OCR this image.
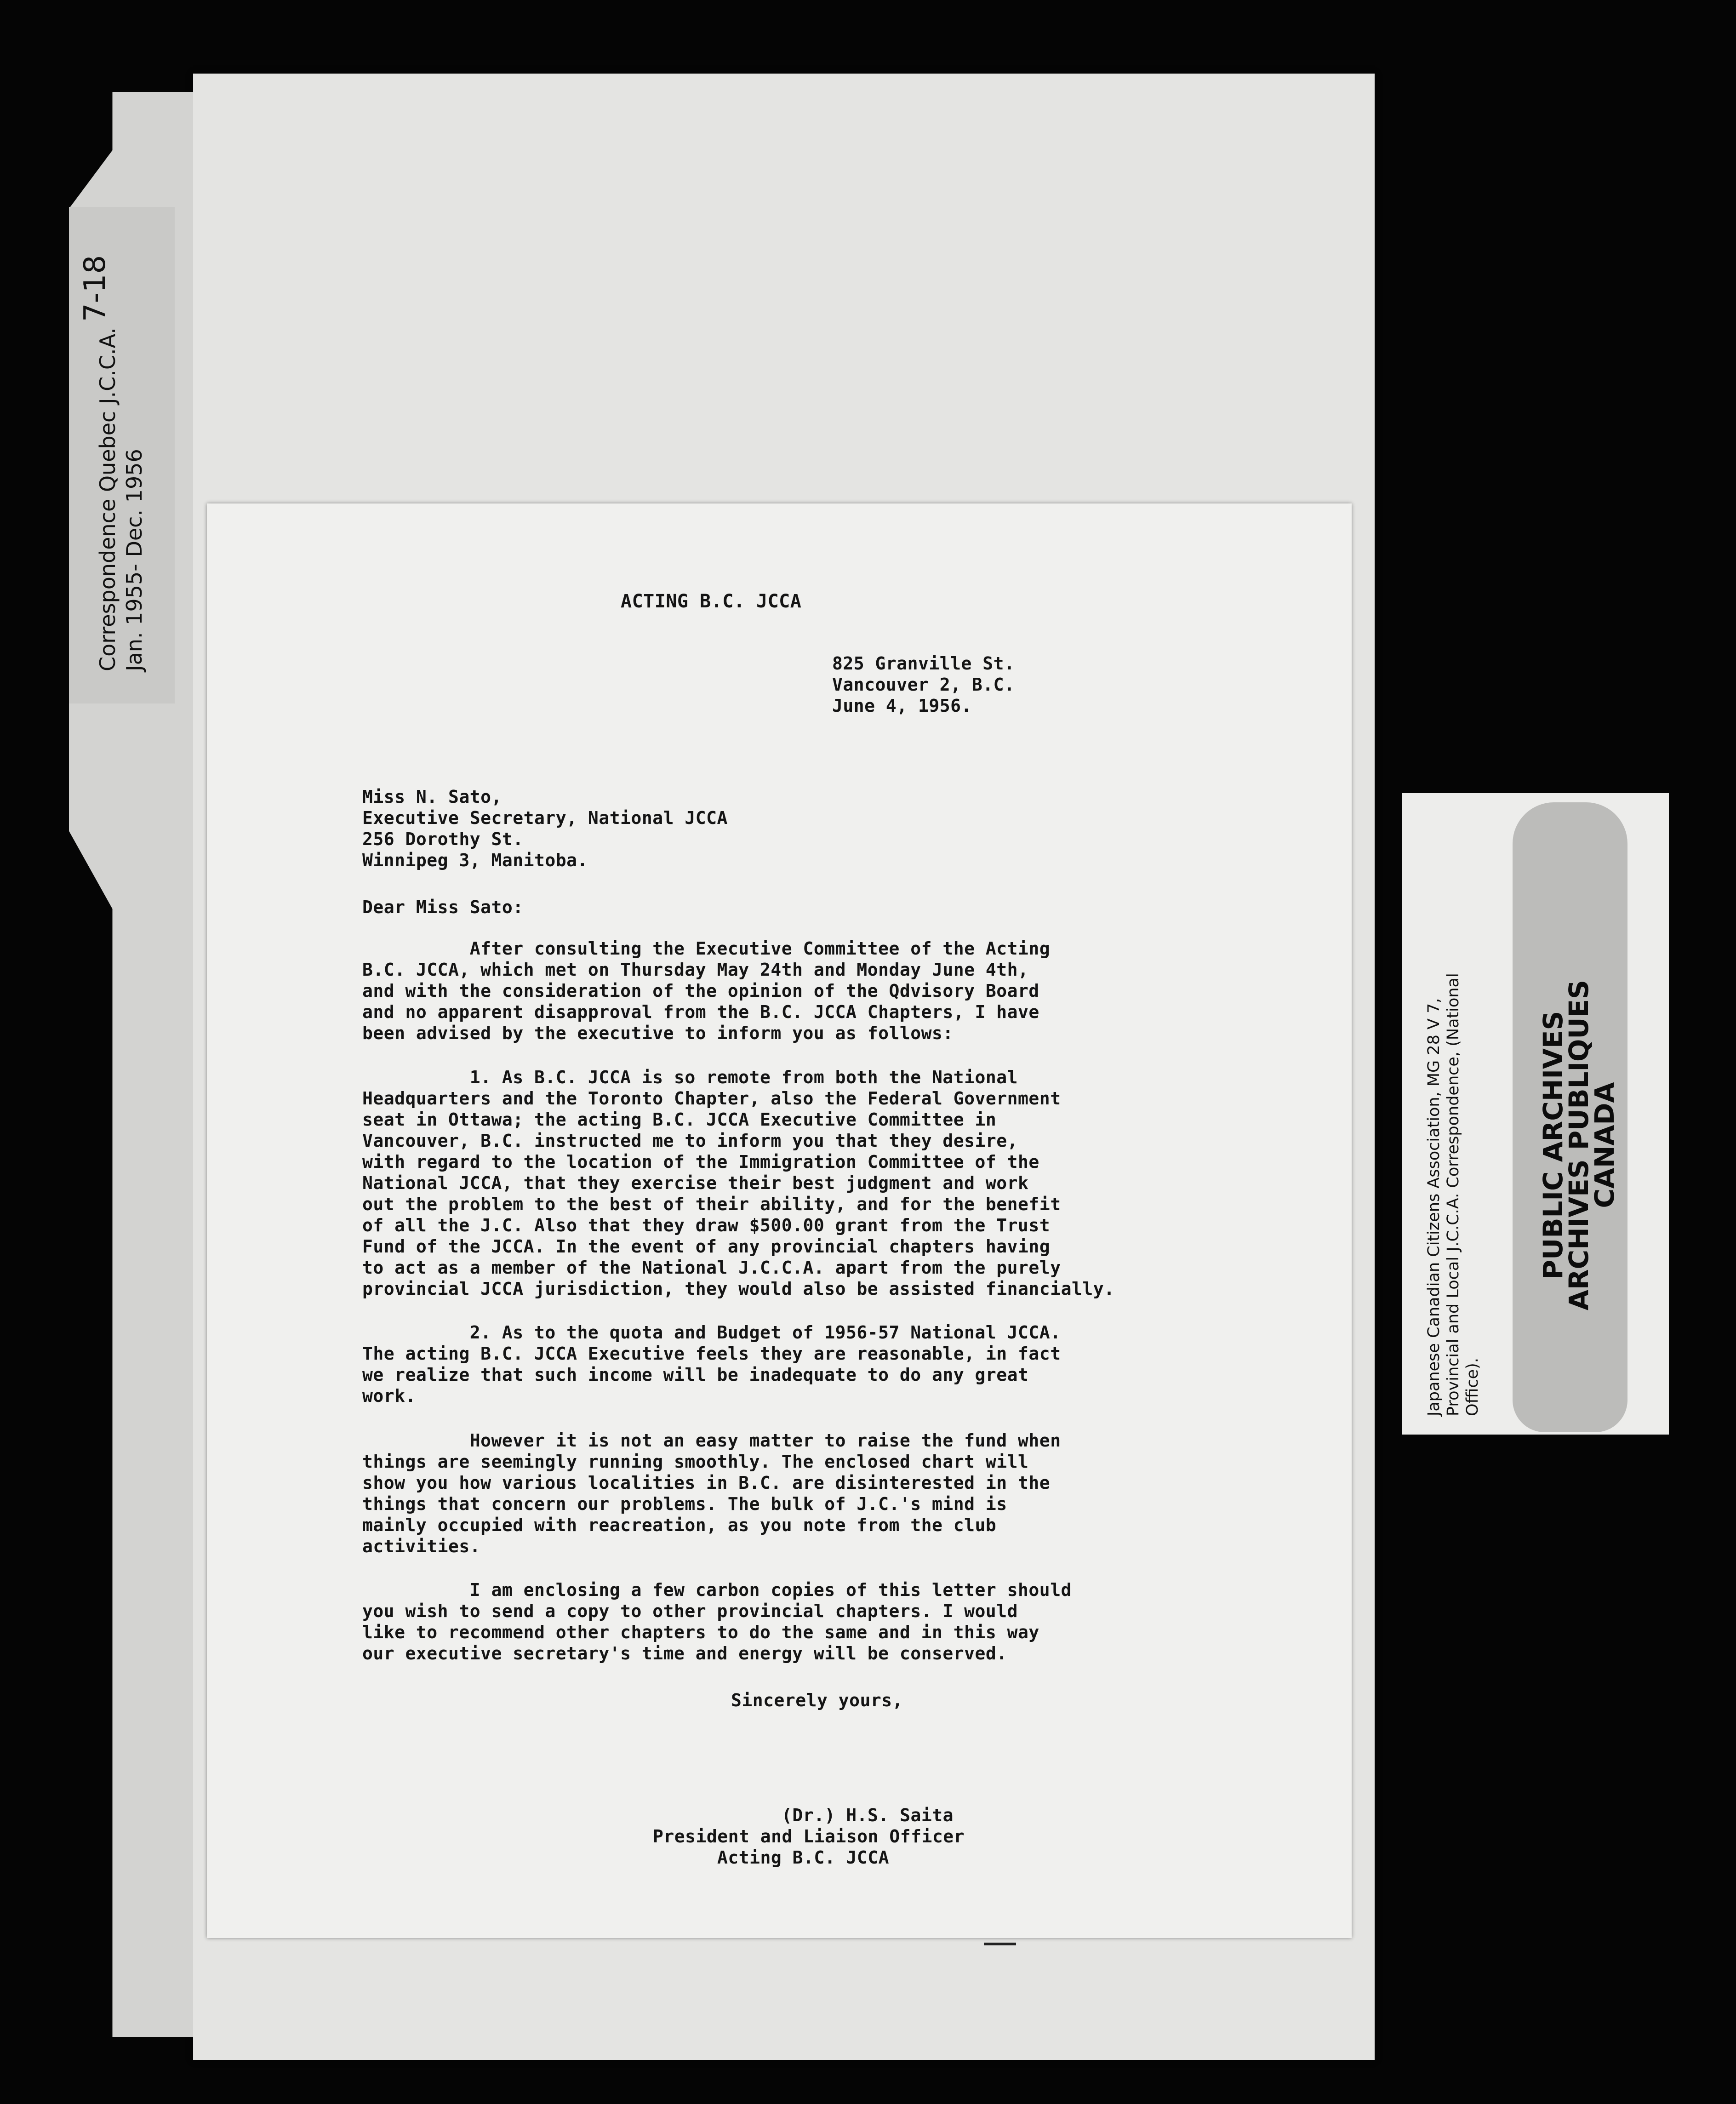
7-18
ACTING B.C. JCCA
825 Granville St.
Vancouver 2, B.C.
June 4, 1956.
Miss N. Sato,
Executive Secretary, National JCCA
256 Dorothy St.
Winnipeg 3, Manitoba.
Dear Miss Sato:
After consulting the Executive Committee of the Acting
B.C. JCCA, which met on Thursday May 24th and Monday June 4th,
and with the consideration of the opinion of the Qdvisory Board
and no apparent disapproval from the B.C. JCCA Chapters, I have
been advised by the executive to inform you as follows:
1. As B.C. JCCA is so remote from both the National
Headquarters and the Toronto Chapter, also the Federal Government
seat in Ottawa; the acting B.C. JCCA Executive Committee in
Vancouver, B.C. instructed me to inform you that they desire,
with regard to the location of the Immigration Committee of the
National JCCA, that they exercise their best judgment and work
out the problem to the best of their ability, and for the benefit
of all the J.C. Also that they draw $500.00 grant from the Trust
Fund of the JCCA. In the event of any provincial chapters having
to act as a member of the National J.C.C.A. apart from the purely
provincial JCCA jurisdiction, they would also be assisted financially.
2. As to the quota and Budget of 1956-57 National JCCA.
The acting B.C. JCCA Executive feels they are reasonable, in fact
we realize that such income will be inadequate to do any great
work.
However it is not an easy matter to raise the fund when
things are seemingly running smoothly. The enclosed chart will
show you how various localities in B.C. are disinterested in the
things that concern our problems. The bulk of J.C.'s mind is
mainly occupied with reacreation, as you note from the club
activities.
I am enclosing a few carbon copies of this letter should
you wish to send a copy to other provincial chapters. I would
like to recommend other chapters to do the same and in this way
our executive secretary's time and energy will be conserved.
Sincerely yours,
(Dr.) H.S. Saita
President and Liaison Officer
Acting B.C. JCCA
Japanese Canadian Citizens Association, MG 28 V 7, Provincial and Local J.C.C.A. Correspondence, (National Office).
PUBLIC ARCHIVES
ARCHIVES PUBLIQUES
CANADA
